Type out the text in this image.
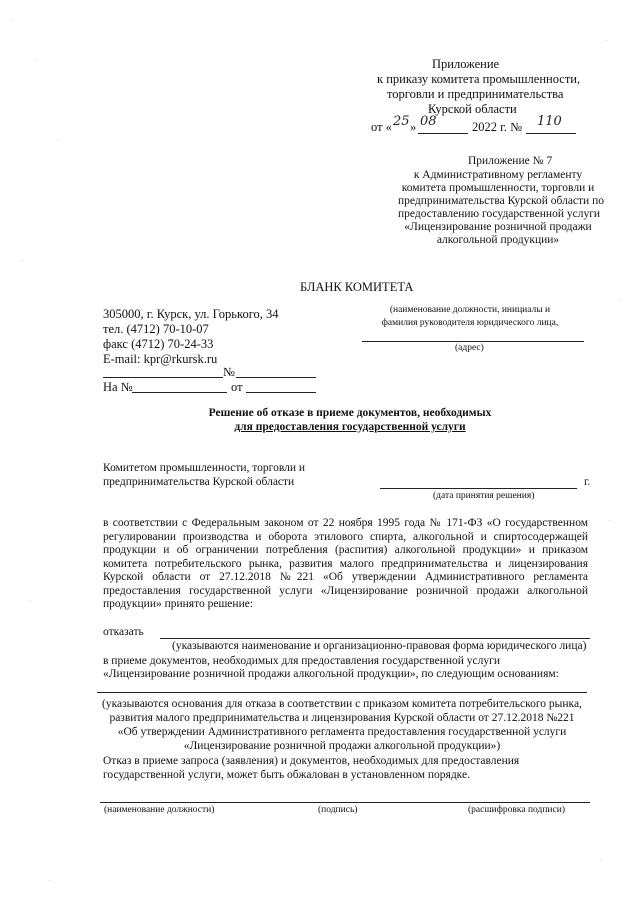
Приложение
к приказу комитета промышленности,
торговли и предпринимательства
Курской области
от « 25 » 08	2022 г. № 110
Приложение № 7
к Административному регламенту
комитета промышленности, торговли и
предпринимательства Курской области по
предоставлению государственной услуги
«Лицензирование розничной продажи
алкогольной продукции»
БЛАНК КОМИТЕТА
305000, г. Курск, ул. Горького, 34
тел. (4712) 70-10-07
факс (4712) 70-24-33
E-mail: kpr@rkursk.ru
№
На №	от
(наименование должности, инициалы и
фамилия руководителя юридического лица,
(адрес)
Решение об отказе в приеме документов, необходимых
для предоставления государственной услуги
Комитетом промышленности, торговли и
предпринимательства Курской области	г.
(дата принятия решения)
в соответствии с Федеральным законом от 22 ноября 1995 года № 171-ФЗ «О государственном регулировании производства и оборота этилового спирта, алкогольной и спиртосодержащей продукции и об ограничении потребления (распития) алкогольной продукции» и приказом комитета потребительского рынка, развития малого предпринимательства и лицензирования Курской области от 27.12.2018 №221 «Об утверждении Административного регламента предоставления государственной услуги «Лицензирование розничной продажи алкогольной продукции» принято решение:
отказать
(указываются наименование и организационно-правовая форма юридического лица)
в приеме документов, необходимых для предоставления государственной услуги
«Лицензирование розничной продажи алкогольной продукции», по следующим основаниям:
(указываются основания для отказа в соответствии с приказом комитета потребительского рынка,
развития малого предпринимательства и лицензирования Курской области от 27.12.2018 №221
«Об утверждении Административного регламента предоставления государственной услуги
«Лицензирование розничной продажи алкогольной продукции»)
Отказ в приеме запроса (заявления) и документов, необходимых для предоставления
государственной услуги, может быть обжалован в установленном порядке.
(наименование должности)	(подпись)	(расшифровка подписи)
